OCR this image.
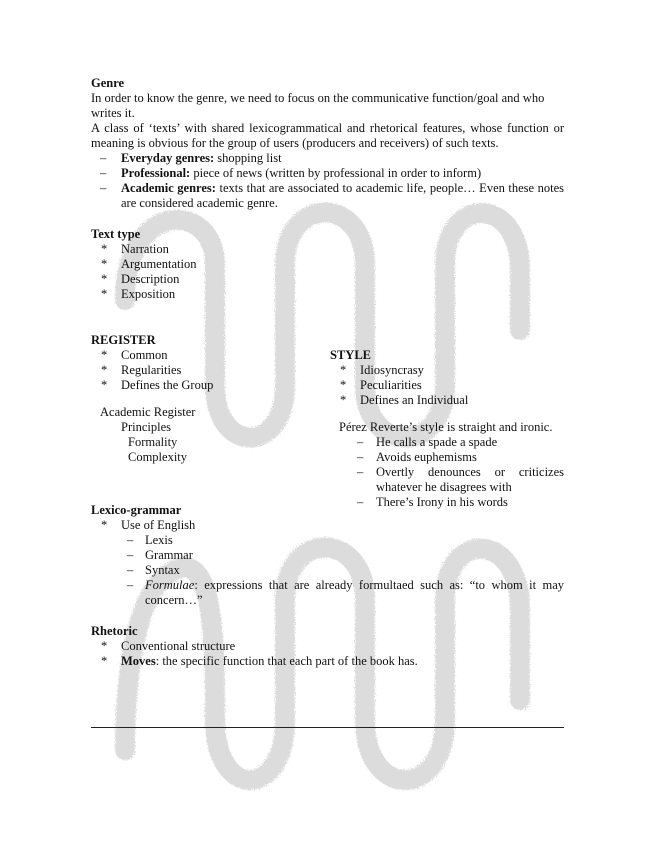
Genre

In order to know the genre, we need to focus on the communicative function/goal and who writes it.

A class of ‘texts’ with shared lexicogrammatical and rhetorical features, whose function or meaning is obvious for the group of users (producers and receivers) of such texts.

– Everyday genres: shopping list
– Professional: piece of news (written by professional in order to inform)
– Academic genres: texts that are associated to academic life, people… Even these notes are considered academic genre.

Text type

* Narration
* Argumentation
* Description
* Exposition

REGISTER

* Common
* Regularities
* Defines the Group

Academic Register

Principles

Formality

Complexity

STYLE

* Idiosyncrasy
* Peculiarities
* Defines an Individual

Pérez Reverte’s style is straight and ironic.

– He calls a spade a spade
– Avoids euphemisms
– Overtly denounces or criticizes whatever he disagrees with
– There’s Irony in his words

Lexico-grammar

* Use of English
– Lexis
– Grammar
– Syntax
– Formulae: expressions that are already formultaed such as: “to whom it may concern…”

Rhetoric

* Conventional structure
* Moves: the specific function that each part of the book has.
